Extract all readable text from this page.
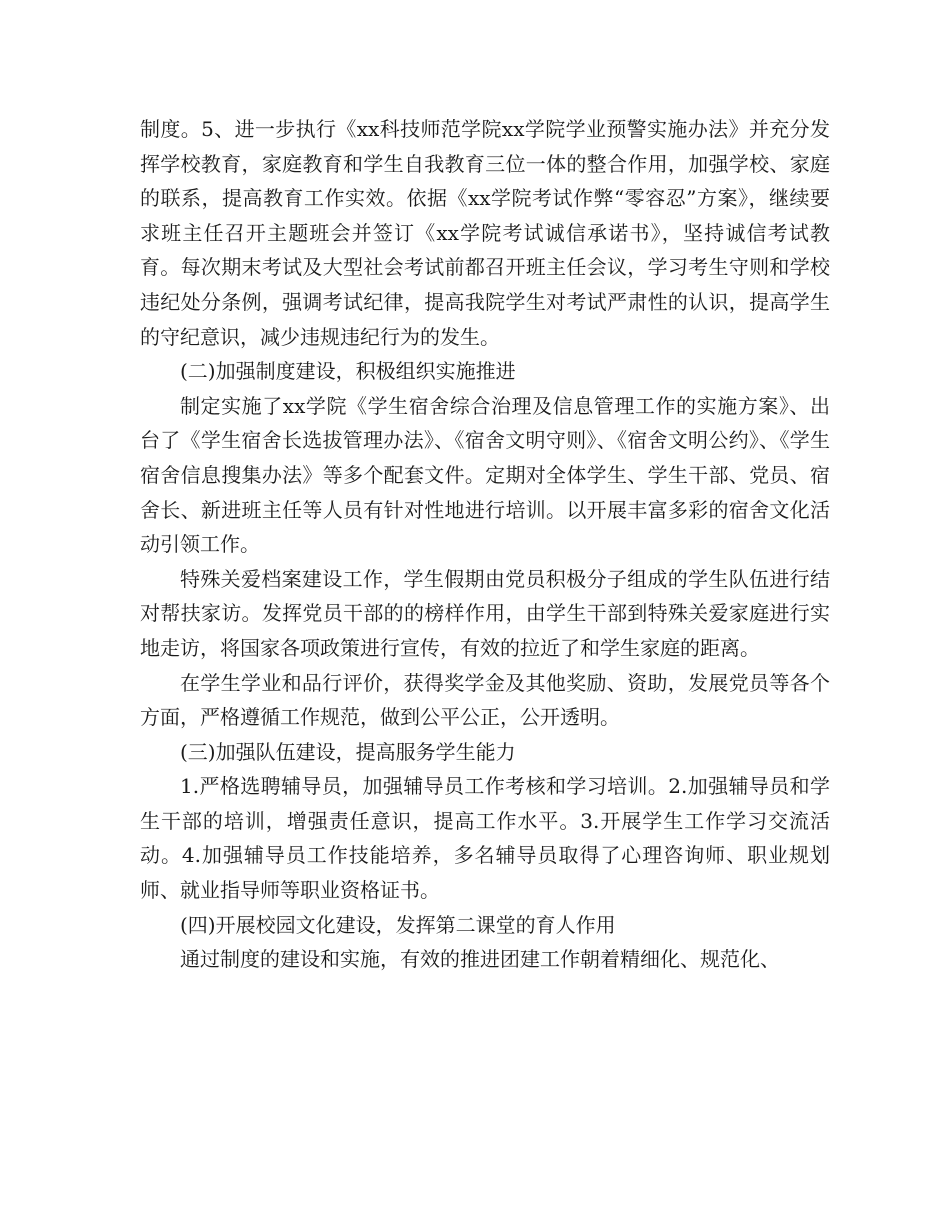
制度。5、进一步执行《xx科技师范学院xx学院学业预警实施办法》并充分发挥学校教育，家庭教育和学生自我教育三位一体的整合作用，加强学校、家庭的联系，提高教育工作实效。依据《xx学院考试作弊“零容忍”方案》，继续要求班主任召开主题班会并签订《xx学院考试诚信承诺书》，坚持诚信考试教育。每次期末考试及大型社会考试前都召开班主任会议，学习考生守则和学校违纪处分条例，强调考试纪律，提高我院学生对考试严肃性的认识，提高学生的守纪意识，减少违规违纪行为的发生。

(二)加强制度建设，积极组织实施推进

制定实施了xx学院《学生宿舍综合治理及信息管理工作的实施方案》、出台了《学生宿舍长选拔管理办法》、《宿舍文明守则》、《宿舍文明公约》、《学生宿舍信息搜集办法》等多个配套文件。定期对全体学生、学生干部、党员、宿舍长、新进班主任等人员有针对性地进行培训。以开展丰富多彩的宿舍文化活动引领工作。

特殊关爱档案建设工作，学生假期由党员积极分子组成的学生队伍进行结对帮扶家访。发挥党员干部的的榜样作用，由学生干部到特殊关爱家庭进行实地走访，将国家各项政策进行宣传，有效的拉近了和学生家庭的距离。

在学生学业和品行评价，获得奖学金及其他奖励、资助，发展党员等各个方面，严格遵循工作规范，做到公平公正，公开透明。

(三)加强队伍建设，提高服务学生能力

1.严格选聘辅导员，加强辅导员工作考核和学习培训。2.加强辅导员和学生干部的培训，增强责任意识，提高工作水平。3.开展学生工作学习交流活动。4.加强辅导员工作技能培养，多名辅导员取得了心理咨询师、职业规划师、就业指导师等职业资格证书。

(四)开展校园文化建设，发挥第二课堂的育人作用

通过制度的建设和实施，有效的推进团建工作朝着精细化、规范化、
